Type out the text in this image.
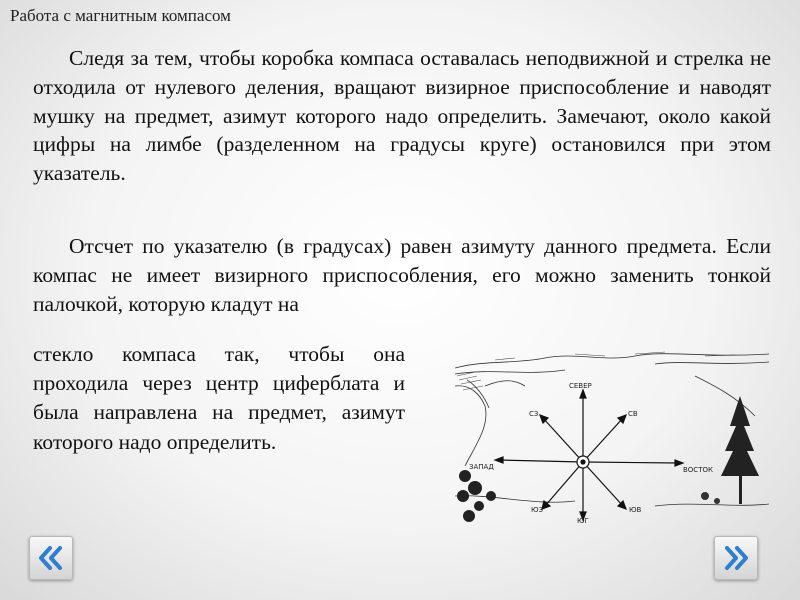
Работа с магнитным компасом

Следя за тем, чтобы коробка компаса оставалась неподвижной и стрелка не отходила от нулевого деления, вращают визирное приспособление и наводят мушку на предмет, азимут которого надо определить. Замечают, около какой цифры на лимбе (разделенном на градусы круге) остановился при этом указатель.

Отсчет по указателю (в градусах) равен азимуту данного предмета. Если компас не имеет визирного приспособления, его можно заменить тонкой палочкой, которую кладут на

стекло компаса так, чтобы она проходила через центр циферблата и была направлена на предмет, азимут которого надо определить.

СЕВЕР
СВ
ВОСТОК
ЮВ
ЮГ
ЮЗ
ЗАПАД
СЗ
